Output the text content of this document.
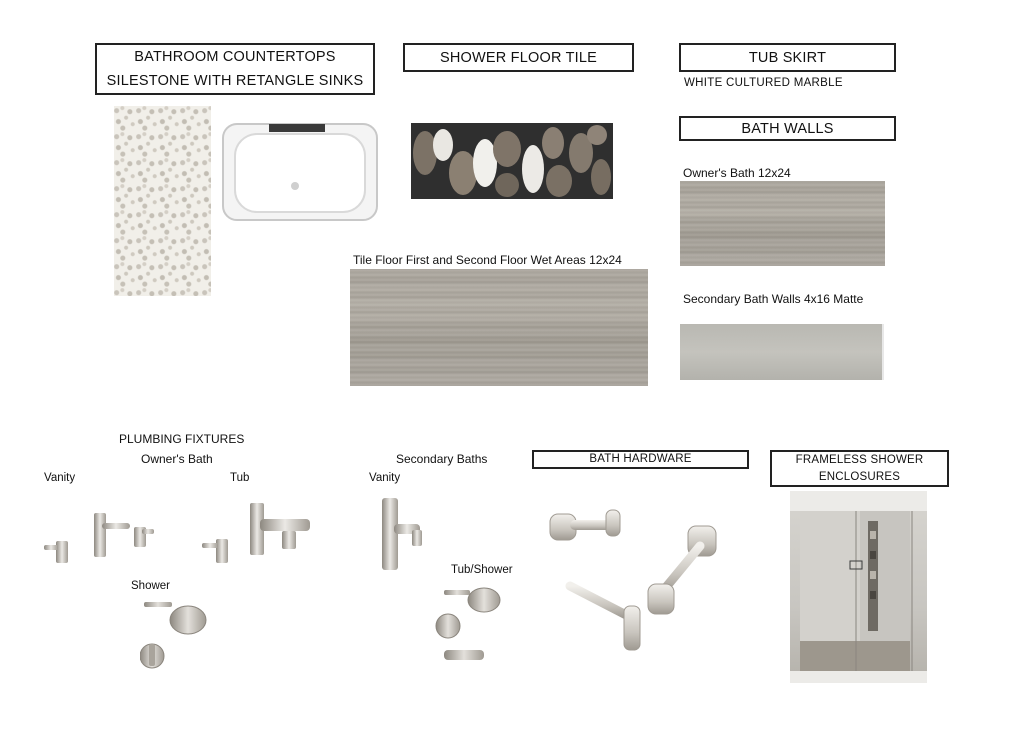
BATHROOM COUNTERTOPS
SILESTONE WITH RETANGLE SINKS
SHOWER FLOOR TILE	TUB SKIRT
WHITE CULTURED MARBLE
BATH WALLS
Tile Floor First and Second Floor Wet Areas 12x24
Owner's Bath 12x24
Secondary Bath Walls 4x16 Matte
PLUMBING FIXTURES
Owner's Bath
Vanity	Tub
Shower
Secondary Baths
Vanity
Tub/Shower
BATH HARDWARE	FRAMELESS SHOWER
ENCLOSURES
